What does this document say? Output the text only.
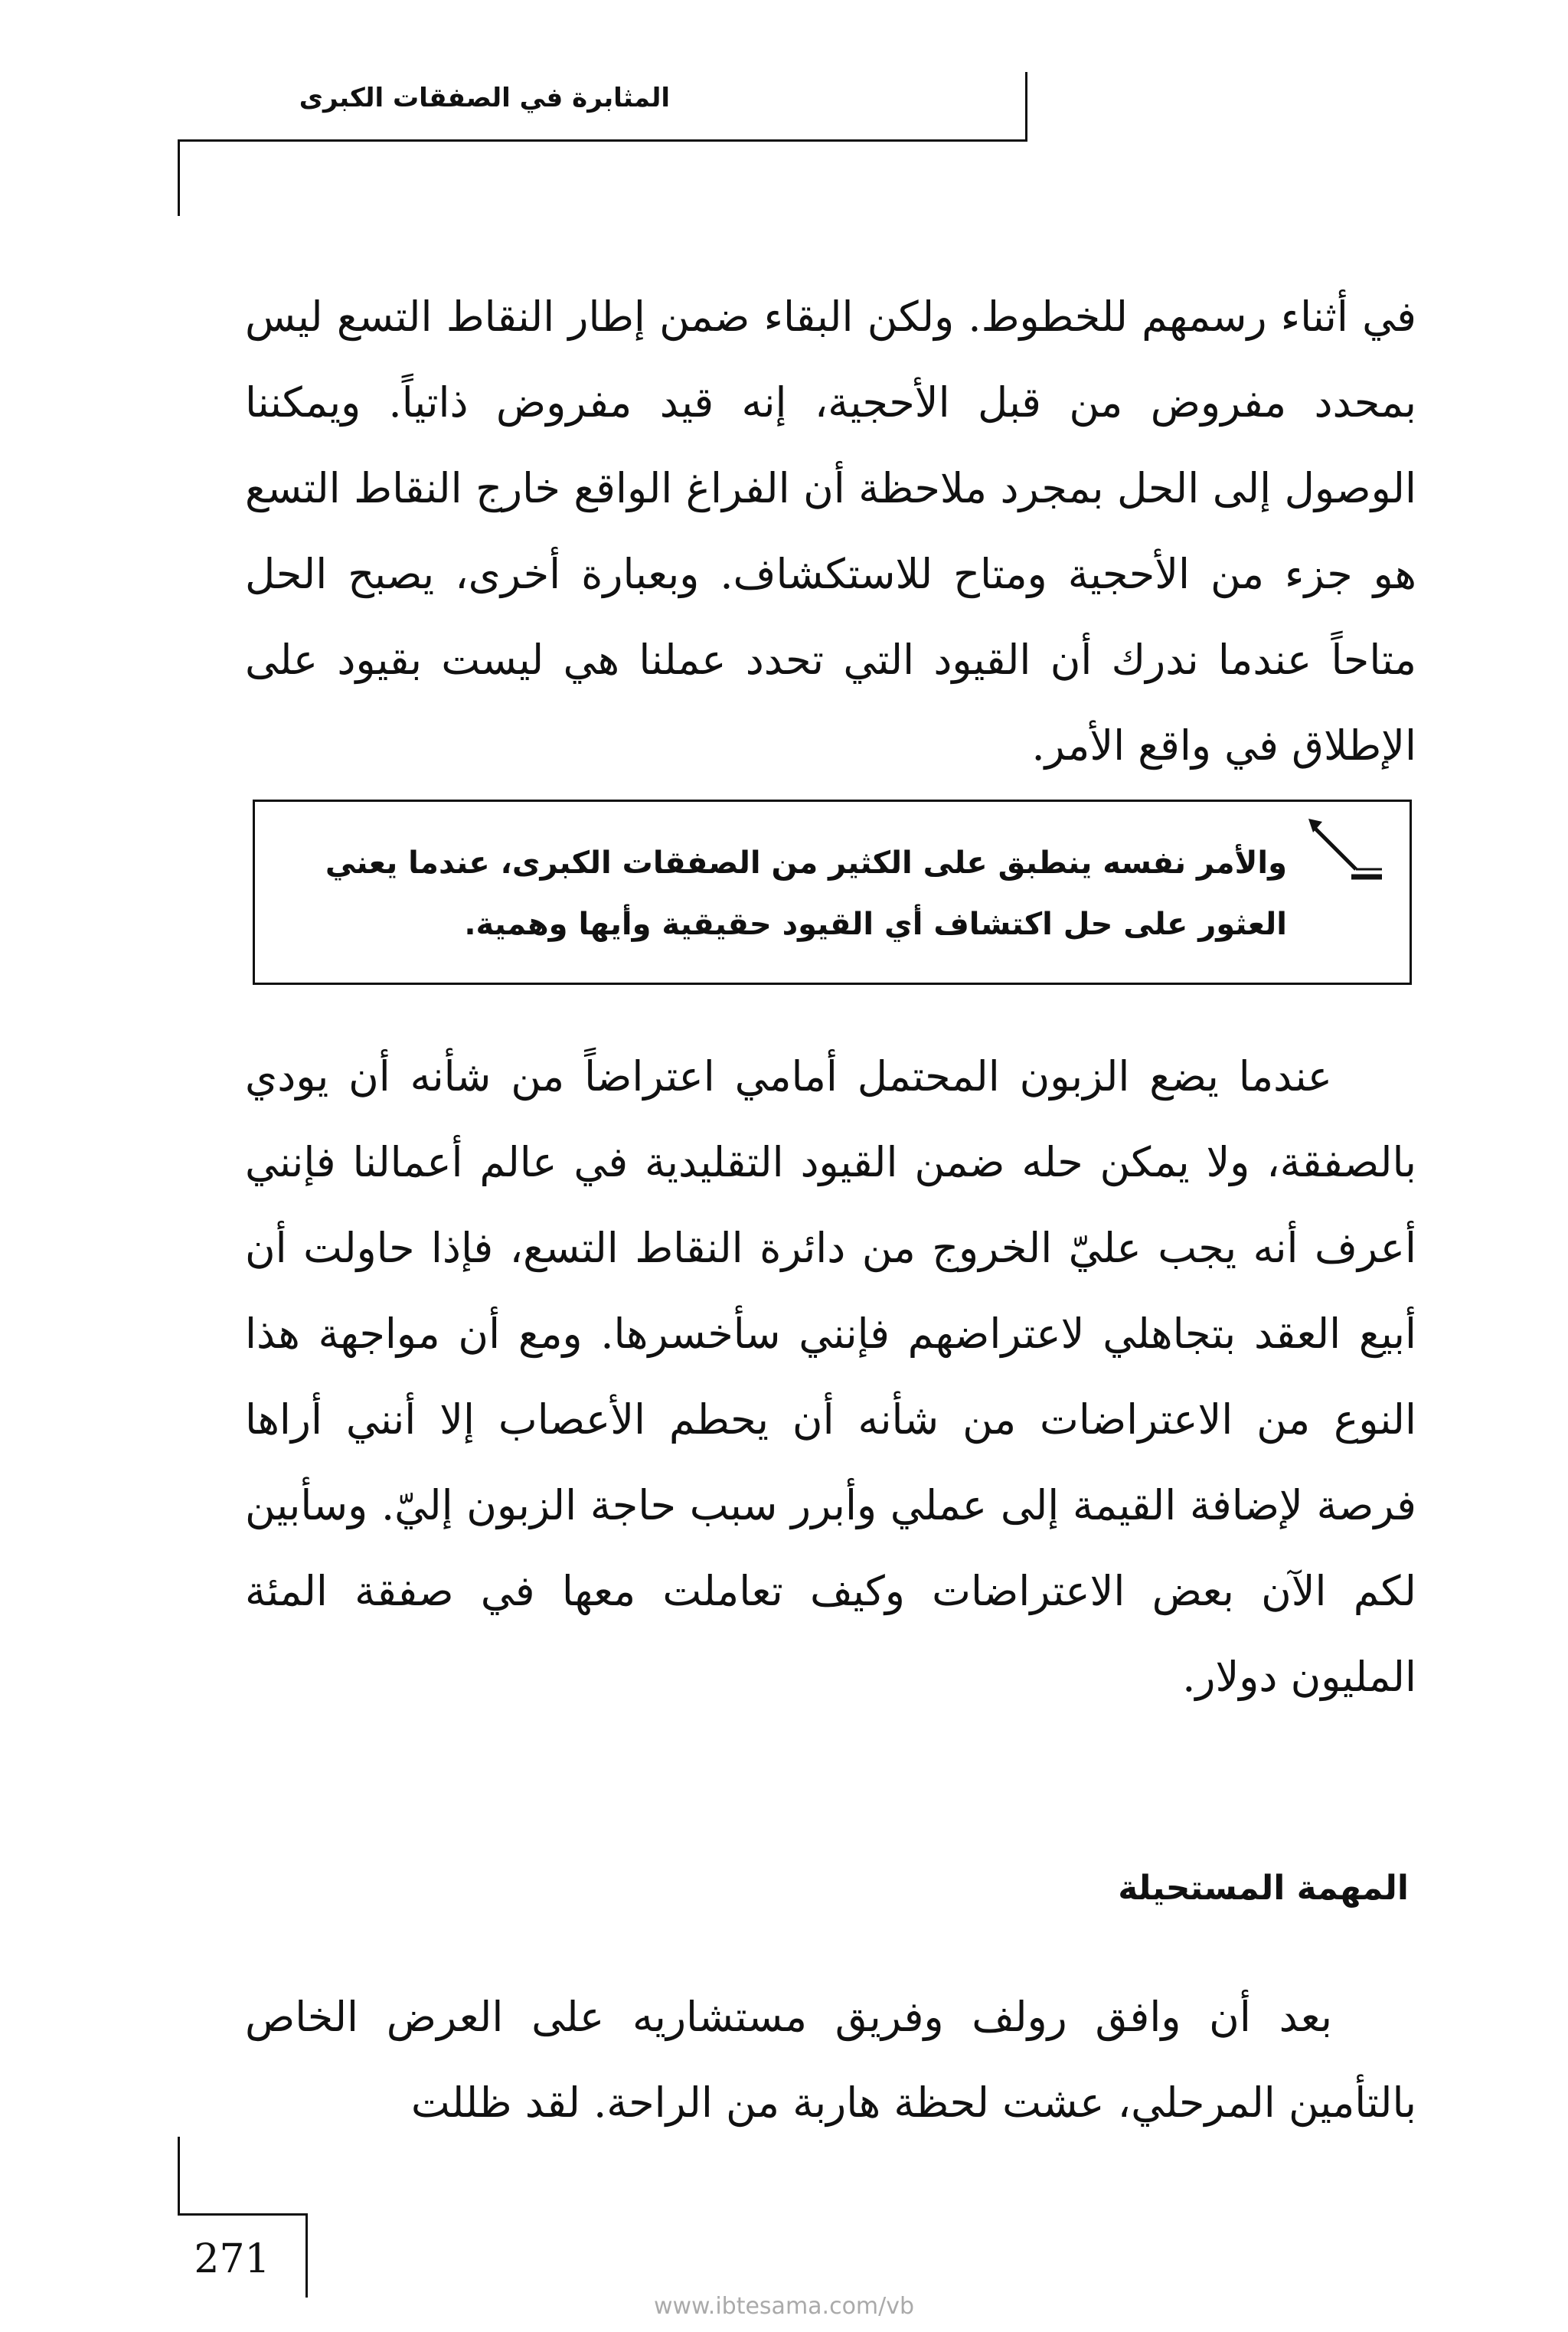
المثابرة في الصفقات الكبرى

في أثناء رسمهم للخطوط. ولكن البقاء ضمن إطار النقاط التسع ليس بمحدد مفروض من قبل الأحجية، إنه قيد مفروض ذاتياً. ويمكننا الوصول إلى الحل بمجرد ملاحظة أن الفراغ الواقع خارج النقاط التسع هو جزء من الأحجية ومتاح للاستكشاف. وبعبارة أخرى، يصبح الحل متاحاً عندما ندرك أن القيود التي تحدد عملنا هي ليست بقيود على الإطلاق في واقع الأمر.

والأمر نفسه ينطبق على الكثير من الصفقات الكبرى، عندما يعني العثور على حل اكتشاف أي القيود حقيقية وأيها وهمية.

عندما يضع الزبون المحتمل أمامي اعتراضاً من شأنه أن يودي بالصفقة، ولا يمكن حله ضمن القيود التقليدية في عالم أعمالنا فإنني أعرف أنه يجب عليّ الخروج من دائرة النقاط التسع، فإذا حاولت أن أبيع العقد بتجاهلي لاعتراضهم فإنني سأخسرها. ومع أن مواجهة هذا النوع من الاعتراضات من شأنه أن يحطم الأعصاب إلا أنني أراها فرصة لإضافة القيمة إلى عملي وأبرر سبب حاجة الزبون إليّ. وسأبين لكم الآن بعض الاعتراضات وكيف تعاملت معها في صفقة المئة المليون دولار.

المهمة المستحيلة

بعد أن وافق رولف وفريق مستشاريه على العرض الخاص بالتأمين المرحلي، عشت لحظة هاربة من الراحة. لقد ظللت

271
www.ibtesama.com/vb
